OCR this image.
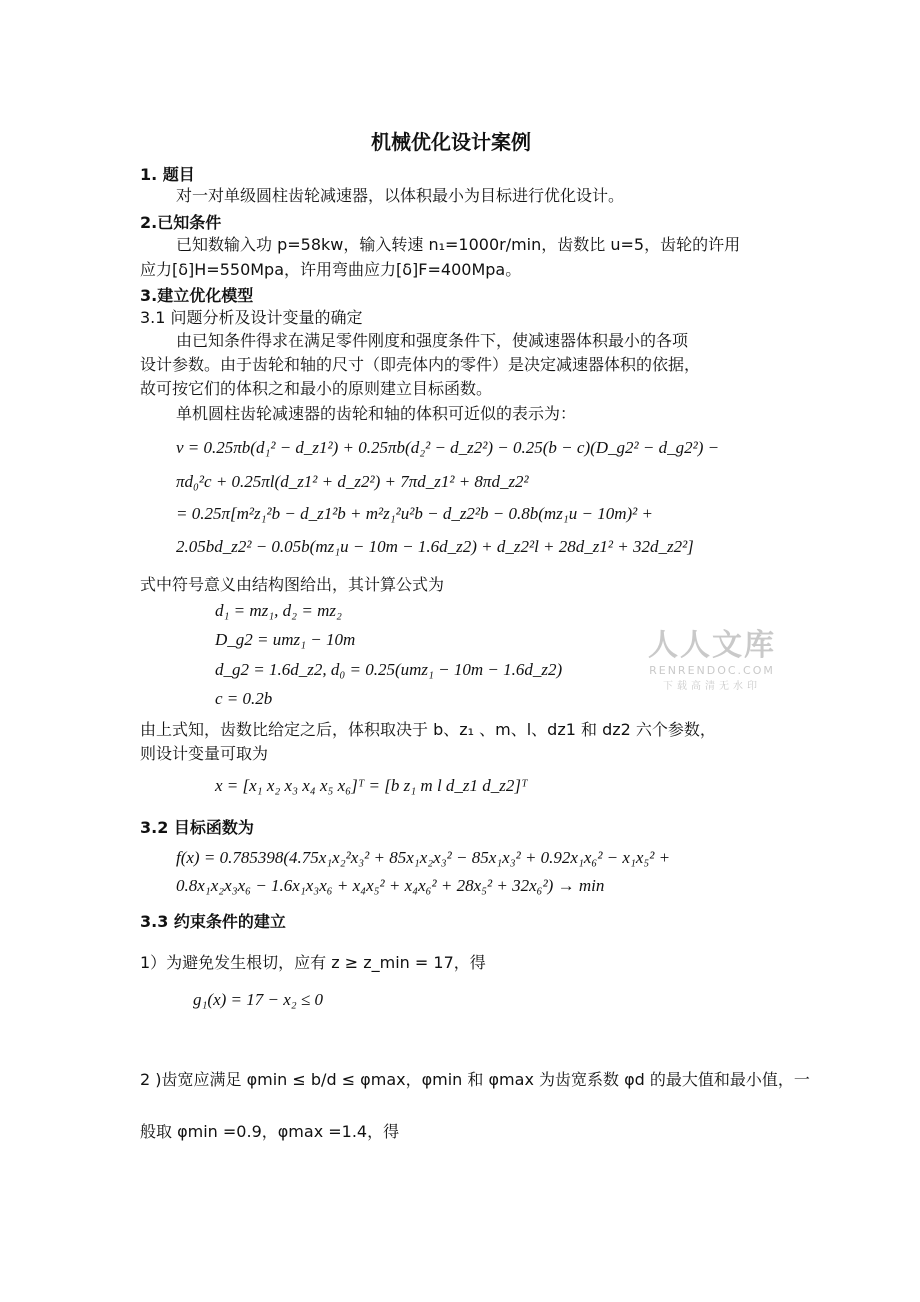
机械优化设计案例
1. 题目
对一对单级圆柱齿轮减速器，以体积最小为目标进行优化设计。
2.已知条件
已知数输入功 p=58kw，输入转速 n₁=1000r/min，齿数比 u=5，齿轮的许用
应力[δ]H=550Mpa，许用弯曲应力[δ]F=400Mpa。
3.建立优化模型
3.1 问题分析及设计变量的确定
由已知条件得求在满足零件刚度和强度条件下，使减速器体积最小的各项
设计参数。由于齿轮和轴的尺寸（即壳体内的零件）是决定减速器体积的依据，
故可按它们的体积之和最小的原则建立目标函数。
单机圆柱齿轮减速器的齿轮和轴的体积可近似的表示为：
v = 0.25πb(d₁² − d_z1²) + 0.25πb(d₂² − d_z2²) − 0.25(b − c)(D_g2² − d_g2²) −
πd₀²c + 0.25πl(d_z1² + d_z2²) + 7πd_z1² + 8πd_z2²
= 0.25π[m²z₁²b − d_z1²b + m²z₁²u²b − d_z2²b − 0.8b(mz₁u − 10m)² +
2.05bd_z2² − 0.05b(mz₁u − 10m − 1.6d_z2) + d_z2²l + 28d_z1² + 32d_z2²]
式中符号意义由结构图给出，其计算公式为
d₁ = mz₁, d₂ = mz₂
D_g2 = umz₁ − 10m
d_g2 = 1.6d_z2, d₀ = 0.25(umz₁ − 10m − 1.6d_z2)
c = 0.2b
由上式知，齿数比给定之后，体积取决于 b、z₁ 、m、l、dz1 和 dz2 六个参数，
则设计变量可取为
x = [x₁ x₂ x₃ x₄ x₅ x₆]ᵀ = [b z₁ m l d_z1 d_z2]ᵀ
3.2 目标函数为
f(x) = 0.785398(4.75x₁x₂²x₃² + 85x₁x₂x₃² − 85x₁x₃² + 0.92x₁x₆² − x₁x₅² +
0.8x₁x₂x₃x₆ − 1.6x₁x₃x₆ + x₄x₅² + x₄x₆² + 28x₅² + 32x₆²) → min
3.3 约束条件的建立
1）为避免发生根切，应有 z ≥ z_min = 17，得
g₁(x) = 17 − x₂ ≤ 0
2 )齿宽应满足 φmin ≤ b/d ≤ φmax，φmin 和 φmax 为齿宽系数 φd 的最大值和最小值，一
般取 φmin =0.9，φmax =1.4，得
人人文库
RENRENDOC.COM
下载高清无水印
